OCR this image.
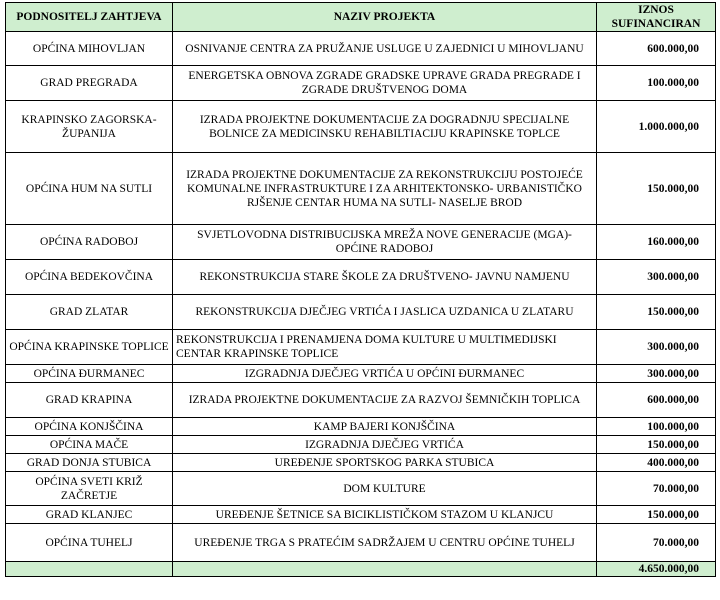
PODNOSITELJ ZAHTJEVA	NAZIV PROJEKTA	IZNOS SUFINANCIRAN
OPĆINA MIHOVLJAN	OSNIVANJE CENTRA ZA PRUŽANJE USLUGE U ZAJEDNICI U MIHOVLJANU	600.000,00
GRAD PREGRADA	ENERGETSKA OBNOVA ZGRADE GRADSKE UPRAVE GRADA PREGRADE I ZGRADE DRUŠTVENOG DOMA	100.000,00
KRAPINSKO ZAGORSKA- ŽUPANIJA	IZRADA PROJEKTNE DOKUMENTACIJE ZA DOGRADNJU SPECIJALNE BOLNICE ZA MEDICINSKU REHABILTIACIJU KRAPINSKE TOPLCE	1.000.000,00
OPĆINA HUM NA SUTLI	IZRADA PROJEKTNE DOKUMENTACIJE ZA REKONSTRUKCIJU POSTOJEĆE KOMUNALNE INFRASTRUKTURE I ZA ARHITEKTONSKO- URBANISTIČKO RJŠENJE CENTAR HUMA NA SUTLI- NASELJE BROD	150.000,00
OPĆINA RADOBOJ	SVJETLOVODNA DISTRIBUCIJSKA MREŽA NOVE GENERACIJE (MGA)- OPĆINE RADOBOJ	160.000,00
OPĆINA BEDEKOVČINA	REKONSTRUKCIJA STARE ŠKOLE ZA DRUŠTVENO- JAVNU NAMJENU	300.000,00
GRAD ZLATAR	REKONSTRUKCIJA DJEČJEG VRTIĆA I JASLICA UZDANICA U ZLATARU	150.000,00
OPĆINA KRAPINSKE TOPLICE	REKONSTRUKCIJA I PRENAMJENA DOMA KULTURE U MULTIMEDIJSKI CENTAR KRAPINSKE TOPLICE	300.000,00
OPĆINA ĐURMANEC	IZGRADNJA DJEČJEG VRTIĆA U OPĆINI ĐURMANEC	300.000,00
GRAD KRAPINA	IZRADA PROJEKTNE DOKUMENTACIJE ZA RAZVOJ ŠEMNIČKIH TOPLICA	600.000,00
OPĆINA KONJŠČINA	KAMP BAJERI KONJŠČINA	100.000,00
OPĆINA MAČE	IZGRADNJA DJEČJEG VRTIĆA	150.000,00
GRAD DONJA STUBICA	UREĐENJE SPORTSKOG PARKA STUBICA	400.000,00
OPĆINA SVETI KRIŽ ZAČRETJE	DOM KULTURE	70.000,00
GRAD KLANJEC	UREĐENJE ŠETNICE SA BICIKLISTIČKOM STAZOM U KLANJCU	150.000,00
OPĆINA TUHELJ	UREĐENJE TRGA S PRATEĆIM SADRŽAJEM U CENTRU OPĆINE TUHELJ	70.000,00
		4.650.000,00
